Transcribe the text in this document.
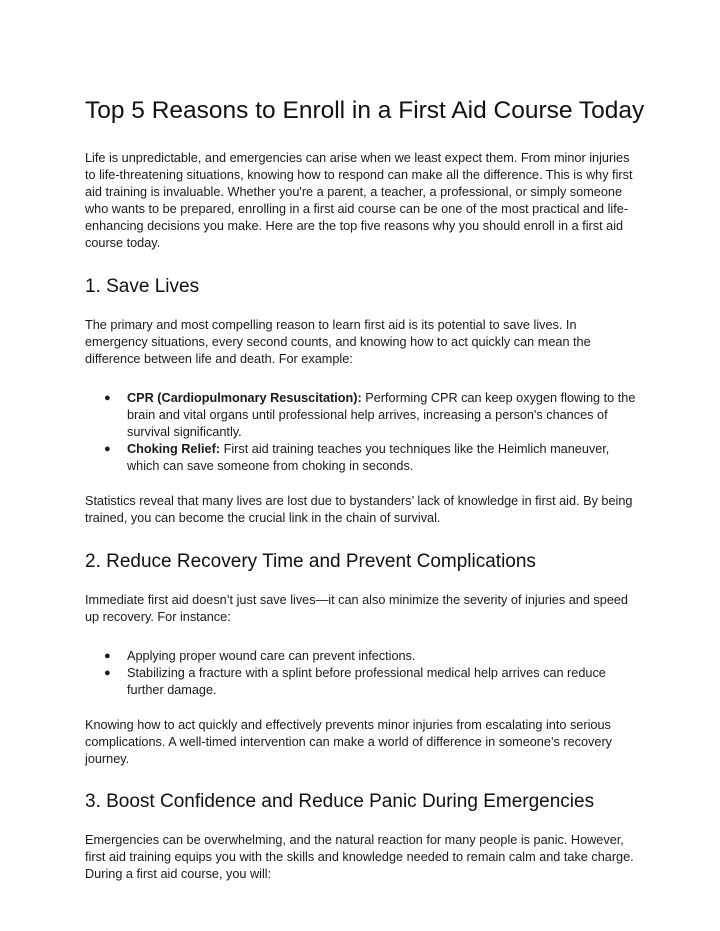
Top 5 Reasons to Enroll in a First Aid Course Today

Life is unpredictable, and emergencies can arise when we least expect them. From minor injuries to life-threatening situations, knowing how to respond can make all the difference. This is why first aid training is invaluable. Whether you're a parent, a teacher, a professional, or simply someone who wants to be prepared, enrolling in a first aid course can be one of the most practical and life-enhancing decisions you make. Here are the top five reasons why you should enroll in a first aid course today.

1. Save Lives

The primary and most compelling reason to learn first aid is its potential to save lives. In emergency situations, every second counts, and knowing how to act quickly can mean the difference between life and death. For example:

● CPR (Cardiopulmonary Resuscitation): Performing CPR can keep oxygen flowing to the brain and vital organs until professional help arrives, increasing a person's chances of survival significantly.
● Choking Relief: First aid training teaches you techniques like the Heimlich maneuver, which can save someone from choking in seconds.

Statistics reveal that many lives are lost due to bystanders’ lack of knowledge in first aid. By being trained, you can become the crucial link in the chain of survival.

2. Reduce Recovery Time and Prevent Complications

Immediate first aid doesn’t just save lives—it can also minimize the severity of injuries and speed up recovery. For instance:

● Applying proper wound care can prevent infections.
● Stabilizing a fracture with a splint before professional medical help arrives can reduce further damage.

Knowing how to act quickly and effectively prevents minor injuries from escalating into serious complications. A well-timed intervention can make a world of difference in someone’s recovery journey.

3. Boost Confidence and Reduce Panic During Emergencies

Emergencies can be overwhelming, and the natural reaction for many people is panic. However, first aid training equips you with the skills and knowledge needed to remain calm and take charge. During a first aid course, you will:
